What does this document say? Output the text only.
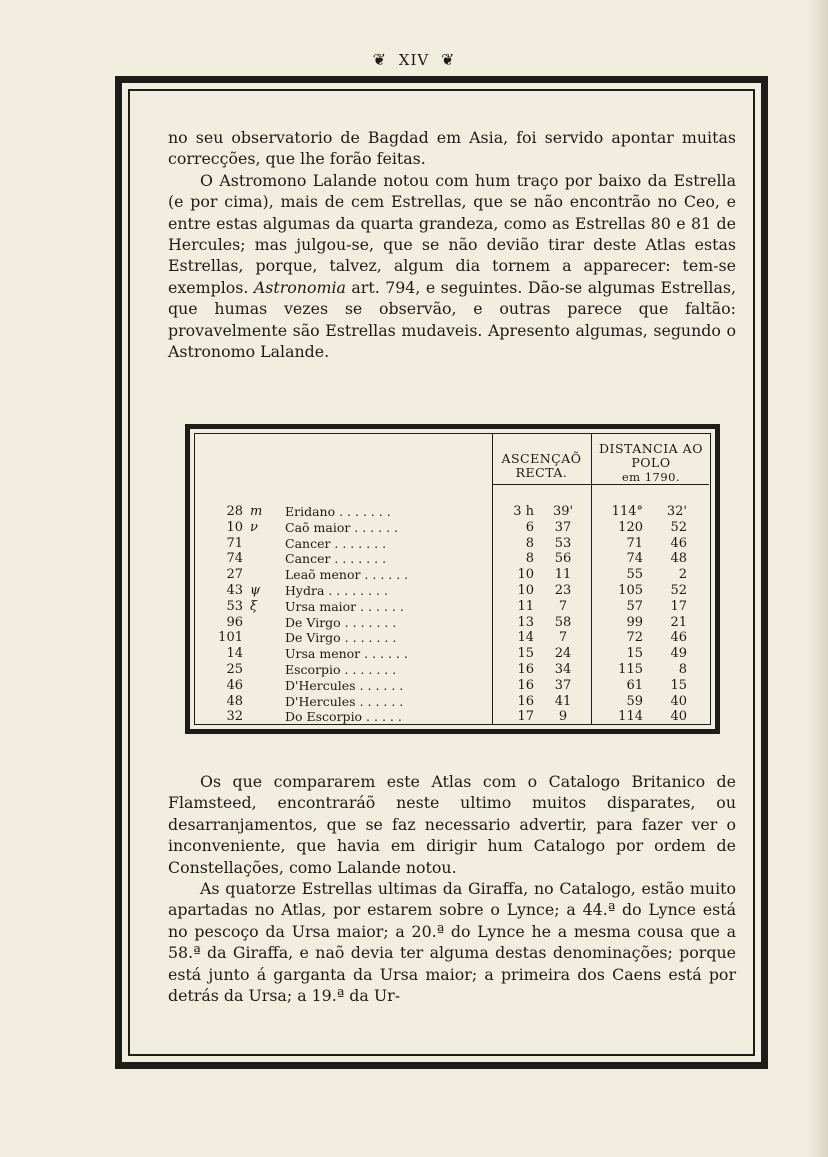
❦ XIV ❦

no seu observatorio de Bagdad em Asia, foi servido apontar muitas correcções, que lhe forão feitas.

O Astromono Lalande notou com hum traço por baixo da Estrella (e por cima), mais de cem Estrellas, que se não encontrão no Ceo, e entre estas algumas da quarta grandeza, como as Estrellas 80 e 81 de Hercules; mas julgou-se, que se não devião tirar deste Atlas estas Estrellas, porque, talvez, algum dia tornem a apparecer: tem-se exemplos. Astronomia art. 794, e seguintes. Dão-se algumas Estrellas, que humas vezes se observão, e outras parece que faltão: provavelmente são Estrellas mudaveis. Apresento algumas, segundo o Astronomo Lalande.

ASCENÇAÕ RECTA.
DISTANCIA AO POLO
em 1790.
28 m	Eridano . . . . . . .	3 h	39'	114°	32'
10 ν	Caõ maior . . . . . .	6	37	120	52
71	Cancer . . . . . . .	8	53	71	46
74	Cancer . . . . . . .	8	56	74	48
27	Leaõ menor . . . . . .	10	11	55	2
43 ψ	Hydra . . . . . . . .	10	23	105	52
53 ξ	Ursa maior . . . . . .	11	7	57	17
96	De Virgo . . . . . . .	13	58	99	21
101	De Virgo . . . . . . .	14	7	72	46
14	Ursa menor . . . . . .	15	24	15	49
25	Escorpio . . . . . . .	16	34	115	8
46	D'Hercules . . . . . .	16	37	61	15
48	D'Hercules . . . . . .	16	41	59	40
32	Do Escorpio . . . . .	17	9	114	40

Os que compararem este Atlas com o Catalogo Britanico de Flamsteed, encontraráõ neste ultimo muitos disparates, ou desarranjamentos, que se faz necessario advertir, para fazer ver o inconveniente, que havia em dirigir hum Catalogo por ordem de Constellações, como Lalande notou.

As quatorze Estrellas ultimas da Giraffa, no Catalogo, estão muito apartadas no Atlas, por estarem sobre o Lynce; a 44.ª do Lynce está no pescoço da Ursa maior; a 20.ª do Lynce he a mesma cousa que a 58.ª da Giraffa, e naõ devia ter alguma destas denominações; porque está junto á garganta da Ursa maior; a primeira dos Caens está por detrás da Ursa; a 19.ª da Ur-
